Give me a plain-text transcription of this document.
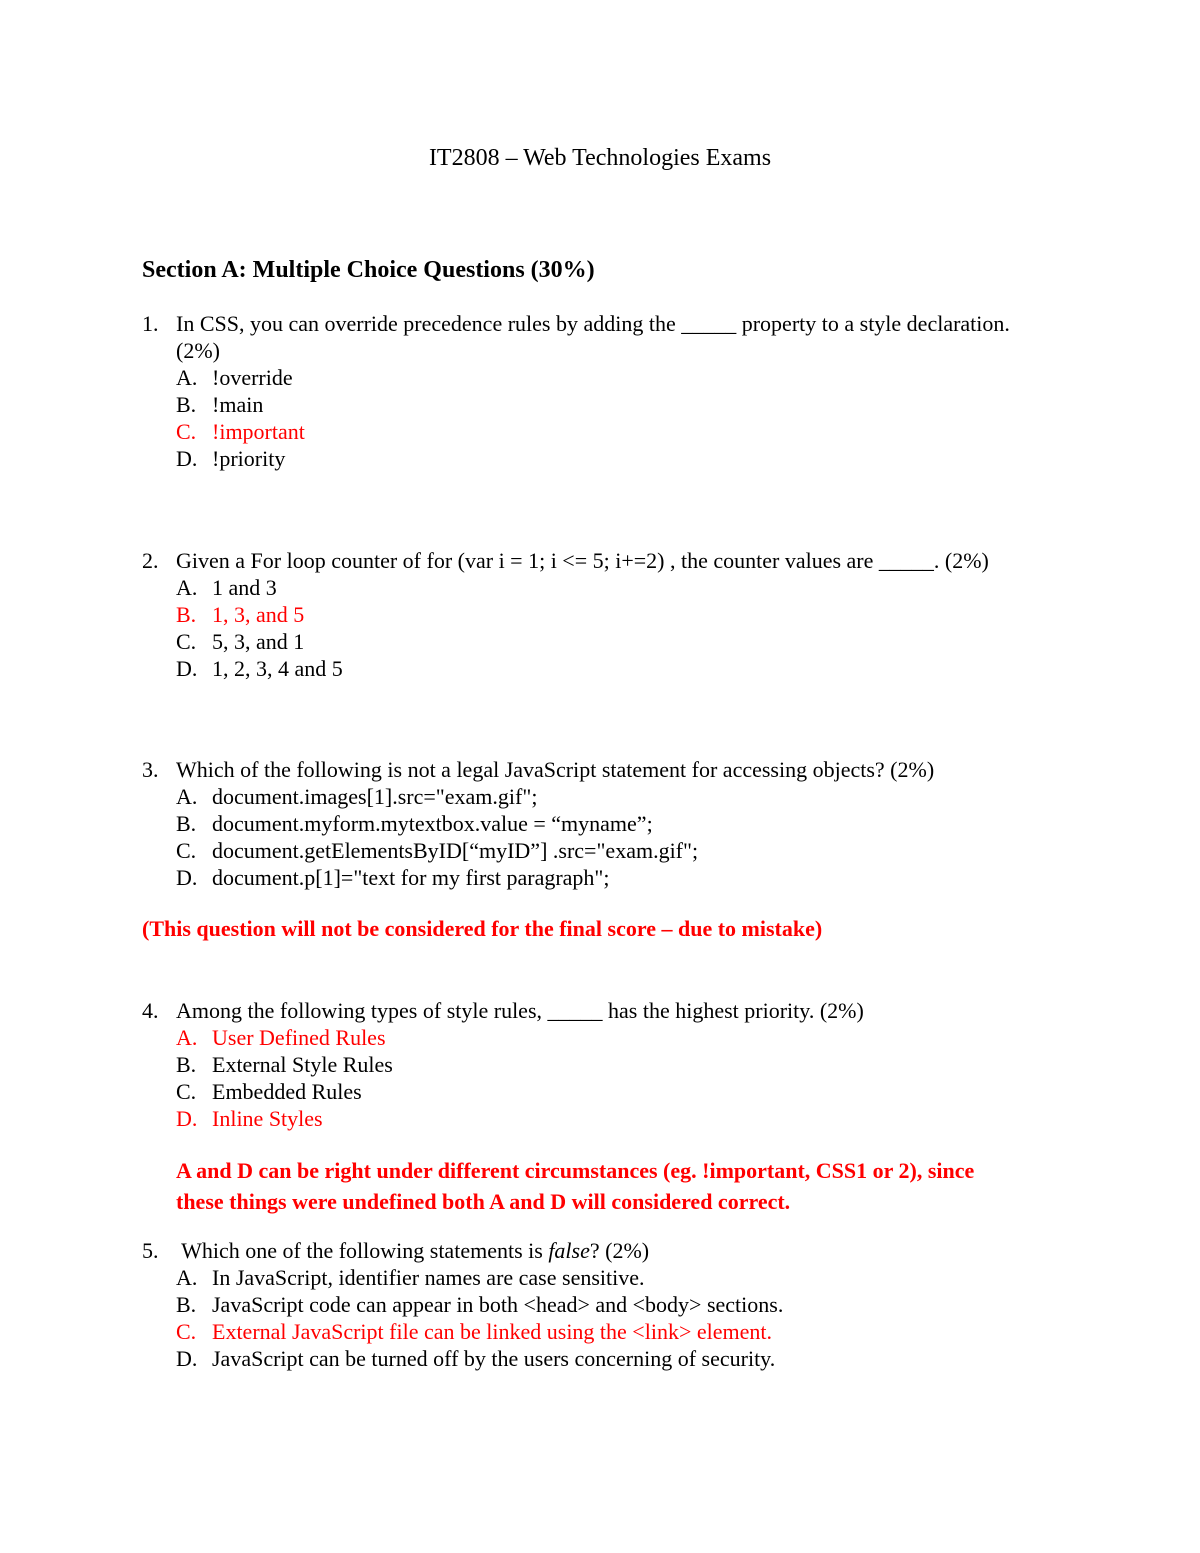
IT2808 – Web Technologies Exams
Section A: Multiple Choice Questions (30%)
1. In CSS, you can override precedence rules by adding the _____ property to a style declaration.
(2%)
A. !override
B. !main
C. !important
D. !priority
2. Given a For loop counter of for (var i = 1; i <= 5; i+=2) , the counter values are _____. (2%)
A. 1 and 3
B. 1, 3, and 5
C. 5, 3, and 1
D. 1, 2, 3, 4 and 5
3. Which of the following is not a legal JavaScript statement for accessing objects? (2%)
A. document.images[1].src="exam.gif";
B. document.myform.mytextbox.value = “myname”;
C. document.getElementsByID[“myID”] .src="exam.gif";
D. document.p[1]="text for my first paragraph";
(This question will not be considered for the final score – due to mistake)
4. Among the following types of style rules, _____ has the highest priority. (2%)
A. User Defined Rules
B. External Style Rules
C. Embedded Rules
D. Inline Styles
A and D can be right under different circumstances (eg. !important, CSS1 or 2), since
these things were undefined both A and D will considered correct.
5. Which one of the following statements is false? (2%)
A. In JavaScript, identifier names are case sensitive.
B. JavaScript code can appear in both <head> and <body> sections.
C. External JavaScript file can be linked using the <link> element.
D. JavaScript can be turned off by the users concerning of security.
